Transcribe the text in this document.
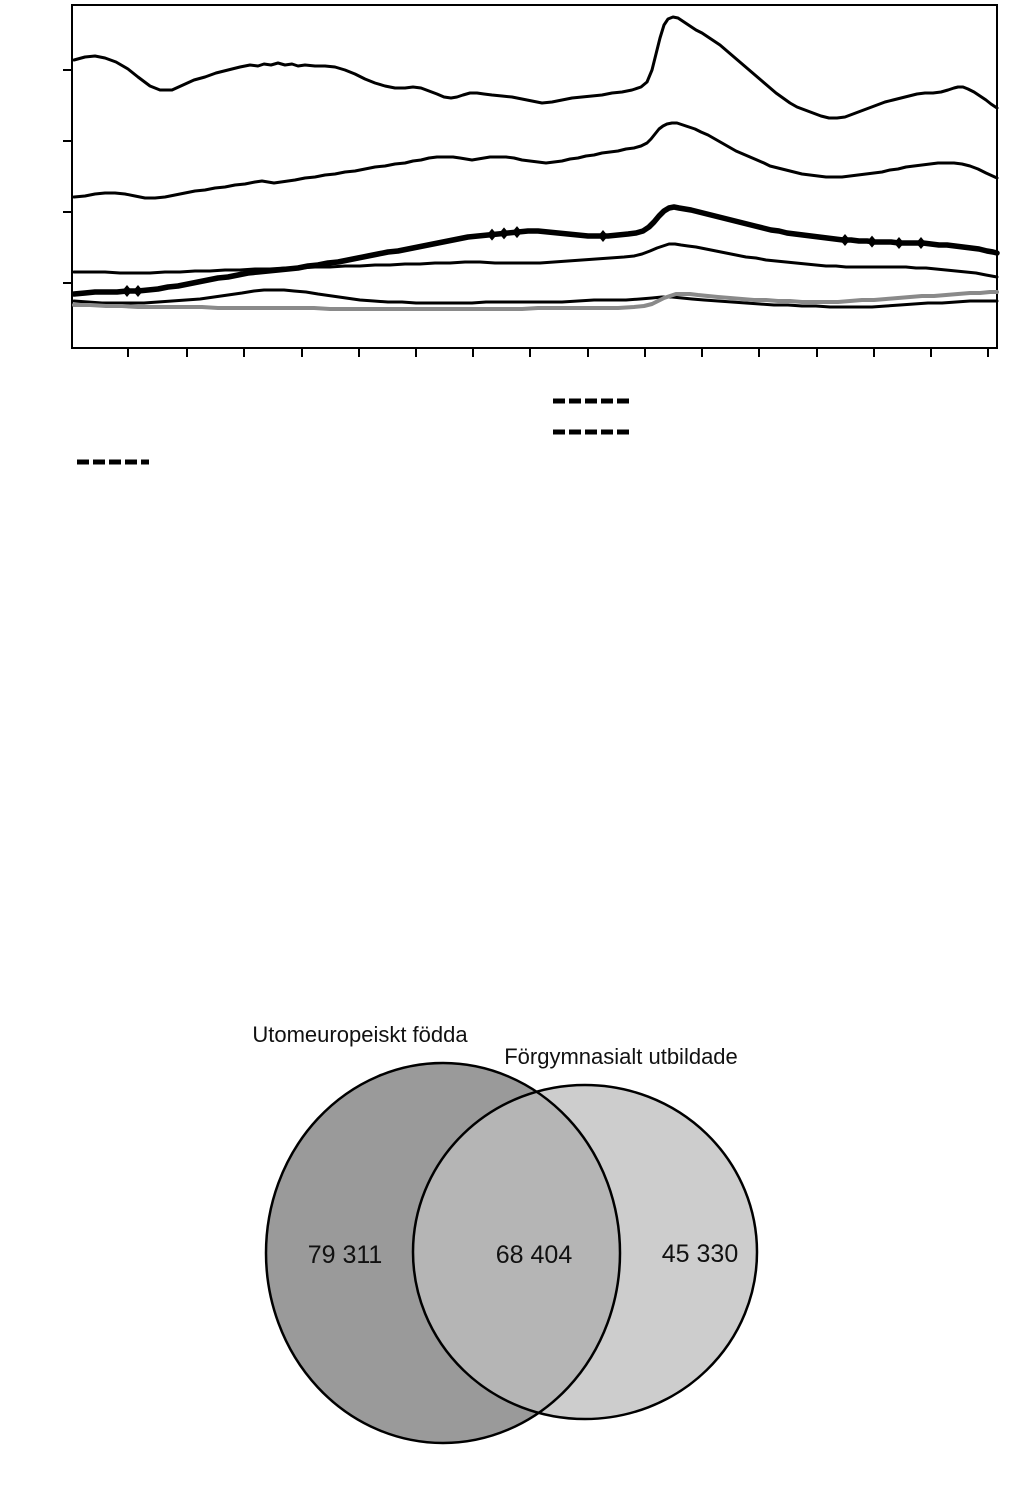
Utomeuropeiskt födda
Förgymnasialt utbildade
79 311	68 404	45 330
